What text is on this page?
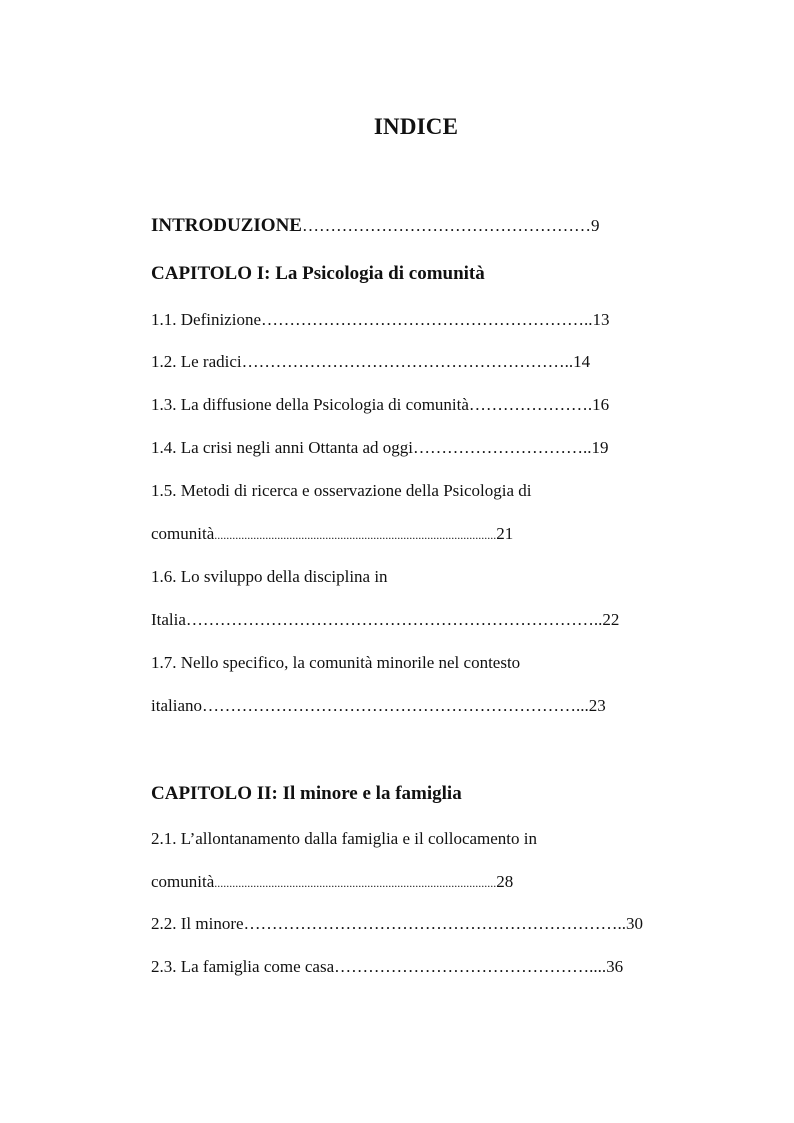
INDICE
INTRODUZIONE……………………………………………9
CAPITOLO I: La Psicologia di comunità
1.1. Definizione…………………………………………………..13
1.2. Le radici…………………………………………………..14
1.3. La diffusione della Psicologia di comunità………………….16
1.4. La crisi negli anni Ottanta ad oggi…………………………..19
1.5. Metodi di ricerca e osservazione della Psicologia di
comunità..............................................................................................21
1.6. Lo sviluppo della disciplina in
Italia………………………………………………………………..22
1.7. Nello specifico, la comunità minorile nel contesto
italiano…………………………………………………………...23
CAPITOLO II: Il minore e la famiglia
2.1. L’allontanamento dalla famiglia e il collocamento in
comunità..............................................................................................28
2.2. Il minore…………………………………………………………..30
2.3. La famiglia come casa………………………………………....36
